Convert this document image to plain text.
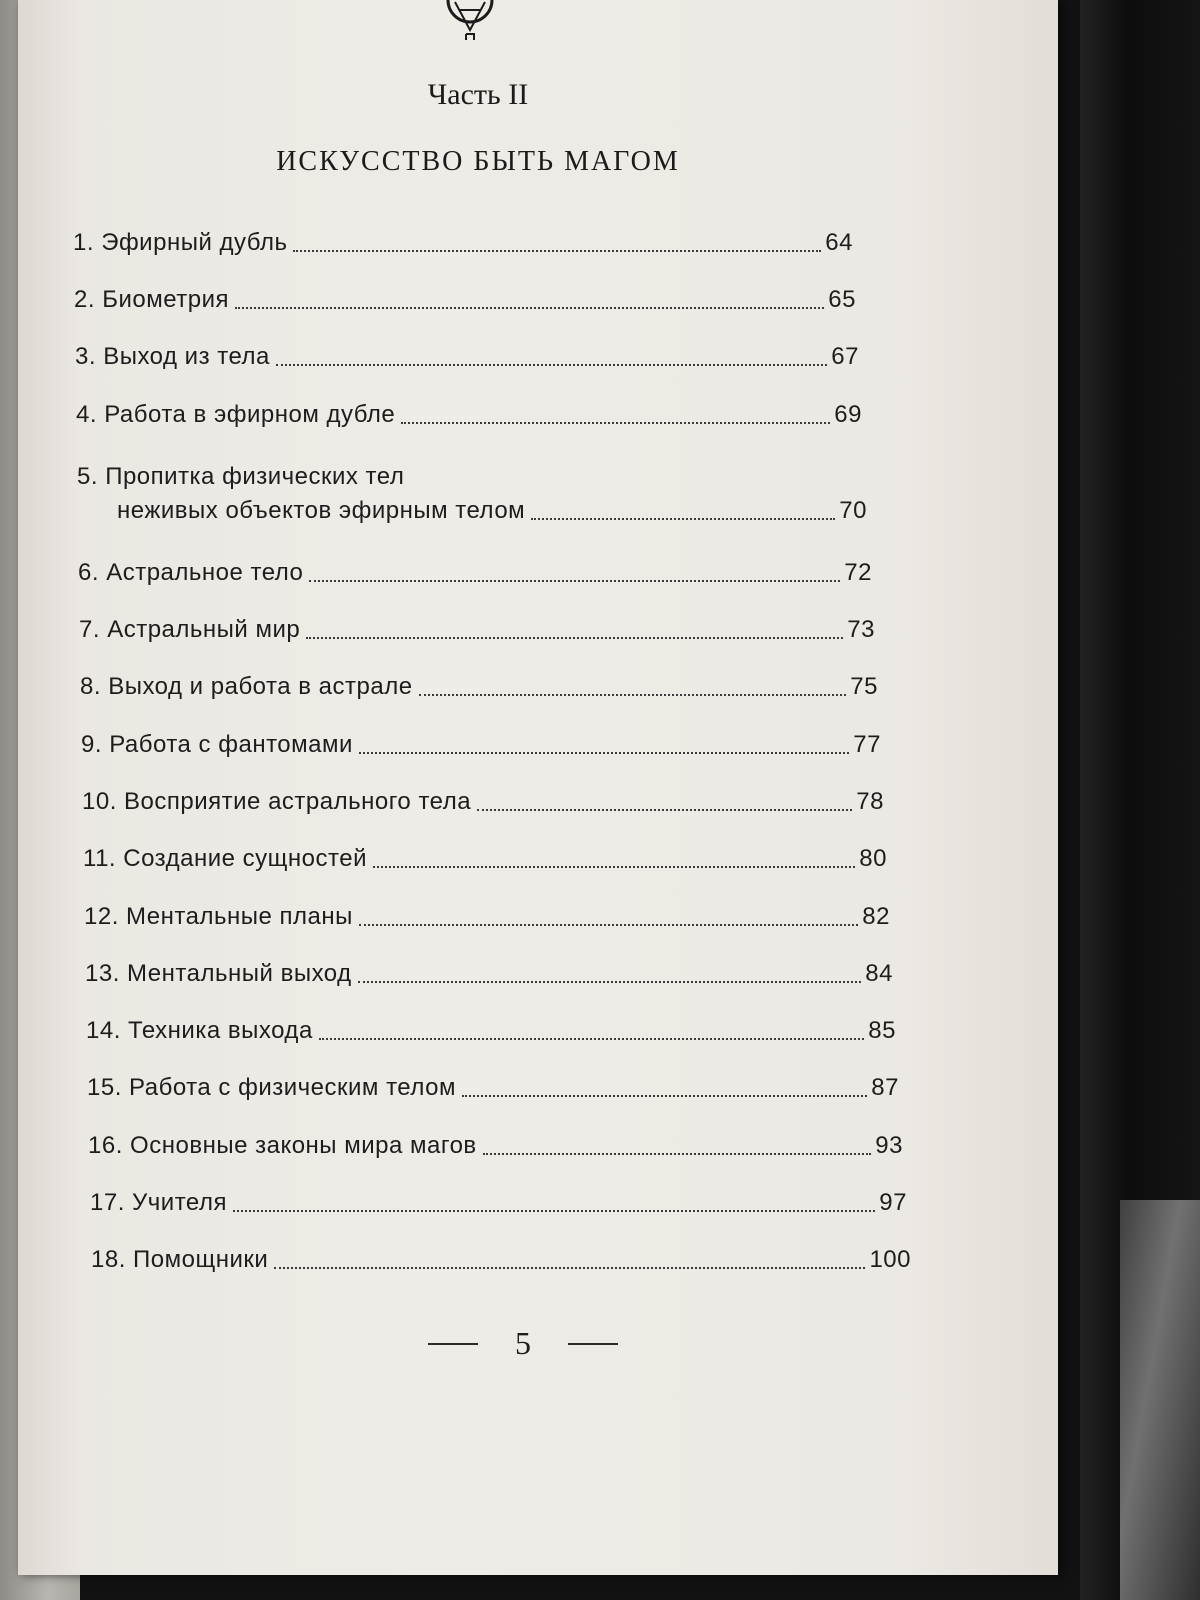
Часть II
ИСКУССТВО БЫТЬ МАГОМ
1. Эфирный дубль	64
2. Биометрия	65
3. Выход из тела	67
4. Работа в эфирном дубле	69
5. Пропитка физических тел
неживых объектов эфирным телом	70
6. Астральное тело	72
7. Астральный мир	73
8. Выход и работа в астрале	75
9. Работа с фантомами	77
10. Восприятие астрального тела	78
11. Создание сущностей	80
12. Ментальные планы	82
13. Ментальный выход	84
14. Техника выхода	85
15. Работа с физическим телом	87
16. Основные законы мира магов	93
17. Учителя	97
18. Помощники	100
5
